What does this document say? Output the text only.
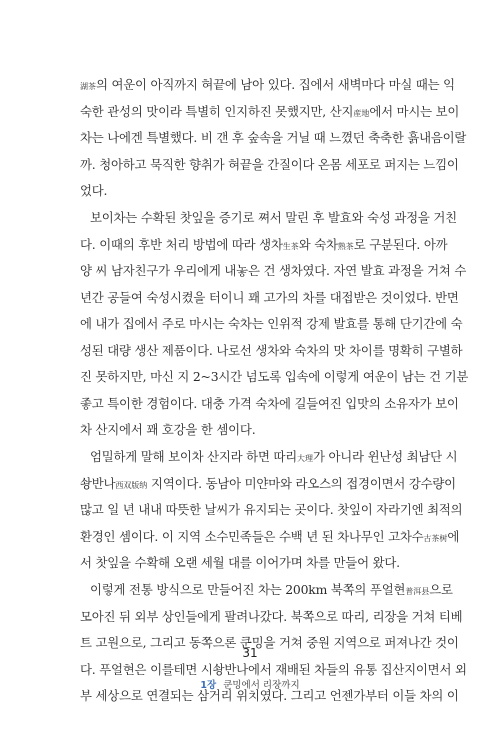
湖茶의 여운이 아직까지 혀끝에 남아 있다. 집에서 새벽마다 마실 때는 익
숙한 관성의 맛이라 특별히 인지하진 못했지만, 산지産地에서 마시는 보이
차는 나에겐 특별했다. 비 갠 후 숲속을 거닐 때 느꼈던 축축한 흙내음이랄
까. 청아하고 묵직한 향취가 혀끝을 간질이다 온몸 세포로 퍼지는 느낌이
었다.
보이차는 수확된 찻잎을 증기로 쪄서 말린 후 발효와 숙성 과정을 거친
다. 이때의 후반 처리 방법에 따라 생차生茶와 숙차熟茶로 구분된다. 아까
양 씨 남자친구가 우리에게 내놓은 건 생차였다. 자연 발효 과정을 거쳐 수
년간 공들여 숙성시켰을 터이니 꽤 고가의 차를 대접받은 것이었다. 반면
에 내가 집에서 주로 마시는 숙차는 인위적 강제 발효를 통해 단기간에 숙
성된 대량 생산 제품이다. 나로선 생차와 숙차의 맛 차이를 명확히 구별하
진 못하지만, 마신 지 2~3시간 넘도록 입속에 이렇게 여운이 남는 건 기분
좋고 특이한 경험이다. 대충 가격 숙차에 길들여진 입맛의 소유자가 보이
차 산지에서 꽤 호강을 한 셈이다.
엄밀하게 말해 보이차 산지라 하면 따리大理가 아니라 윈난성 최남단 시
솽반나西双版纳 지역이다. 동남아 미얀마와 라오스의 접경이면서 강수량이
많고 일 년 내내 따뜻한 날씨가 유지되는 곳이다. 찻잎이 자라기엔 최적의
환경인 셈이다. 이 지역 소수민족들은 수백 년 된 차나무인 고차수古茶树에
서 찻잎을 수확해 오랜 세월 대를 이어가며 차를 만들어 왔다.
이렇게 전통 방식으로 만들어진 차는 200km 북쪽의 푸얼현普洱县으로
모아진 뒤 외부 상인들에게 팔려나갔다. 북쪽으로 따리, 리장을 거쳐 티베
트 고원으로, 그리고 동쪽으론 쿤밍을 거쳐 중원 지역으로 퍼져나간 것이
다. 푸얼현은 이를테면 시솽반나에서 재배된 차들의 유통 집산지이면서 외
부 세상으로 연결되는 삼거리 위치였다. 그리고 언젠가부터 이들 차의 이
31
1장 쿤밍에서 리장까지
